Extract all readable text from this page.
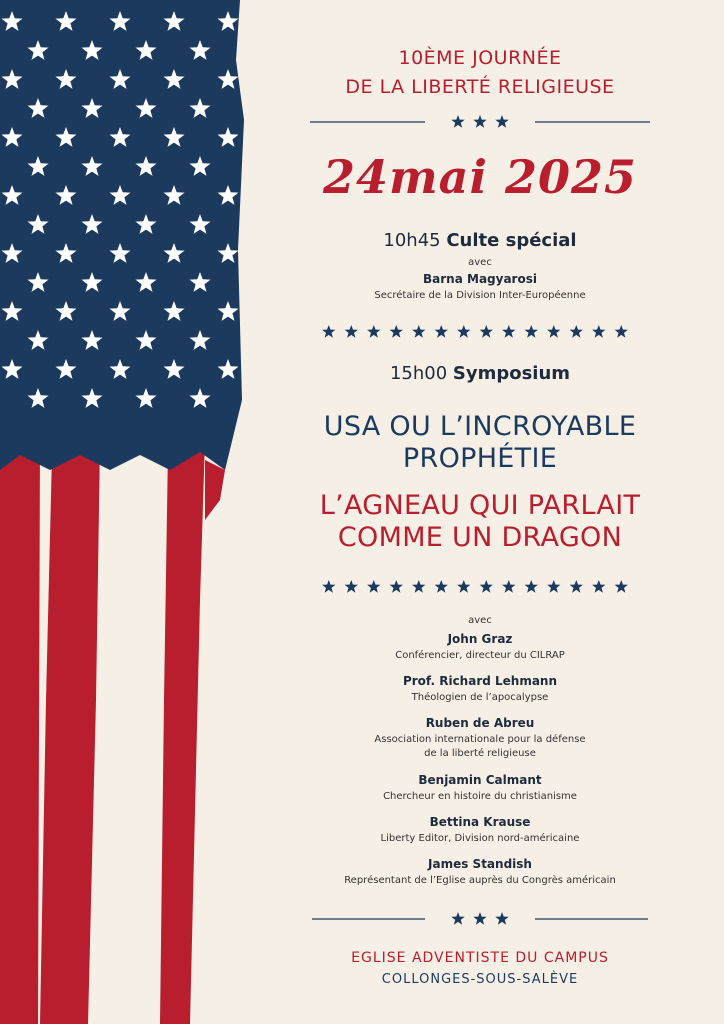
10ÈME JOURNÉE
DE LA LIBERTÉ RELIGIEUSE
24mai 2025
10h45 Culte spécial
avec
Barna Magyarosi
Secrétaire de la Division Inter-Européenne
15h00 Symposium
USA OU L’INCROYABLE
PROPHÉTIE
L’AGNEAU QUI PARLAIT
COMME UN DRAGON
avec
John Graz
Conférencier, directeur du CILRAP
Prof. Richard Lehmann
Théologien de l’apocalypse
Ruben de Abreu
Association internationale pour la défense
de la liberté religieuse
Benjamin Calmant
Chercheur en histoire du christianisme
Bettina Krause
Liberty Editor, Division nord-américaine
James Standish
Représentant de l’Eglise auprès du Congrès américain
EGLISE ADVENTISTE DU CAMPUS
COLLONGES-SOUS-SALÈVE
